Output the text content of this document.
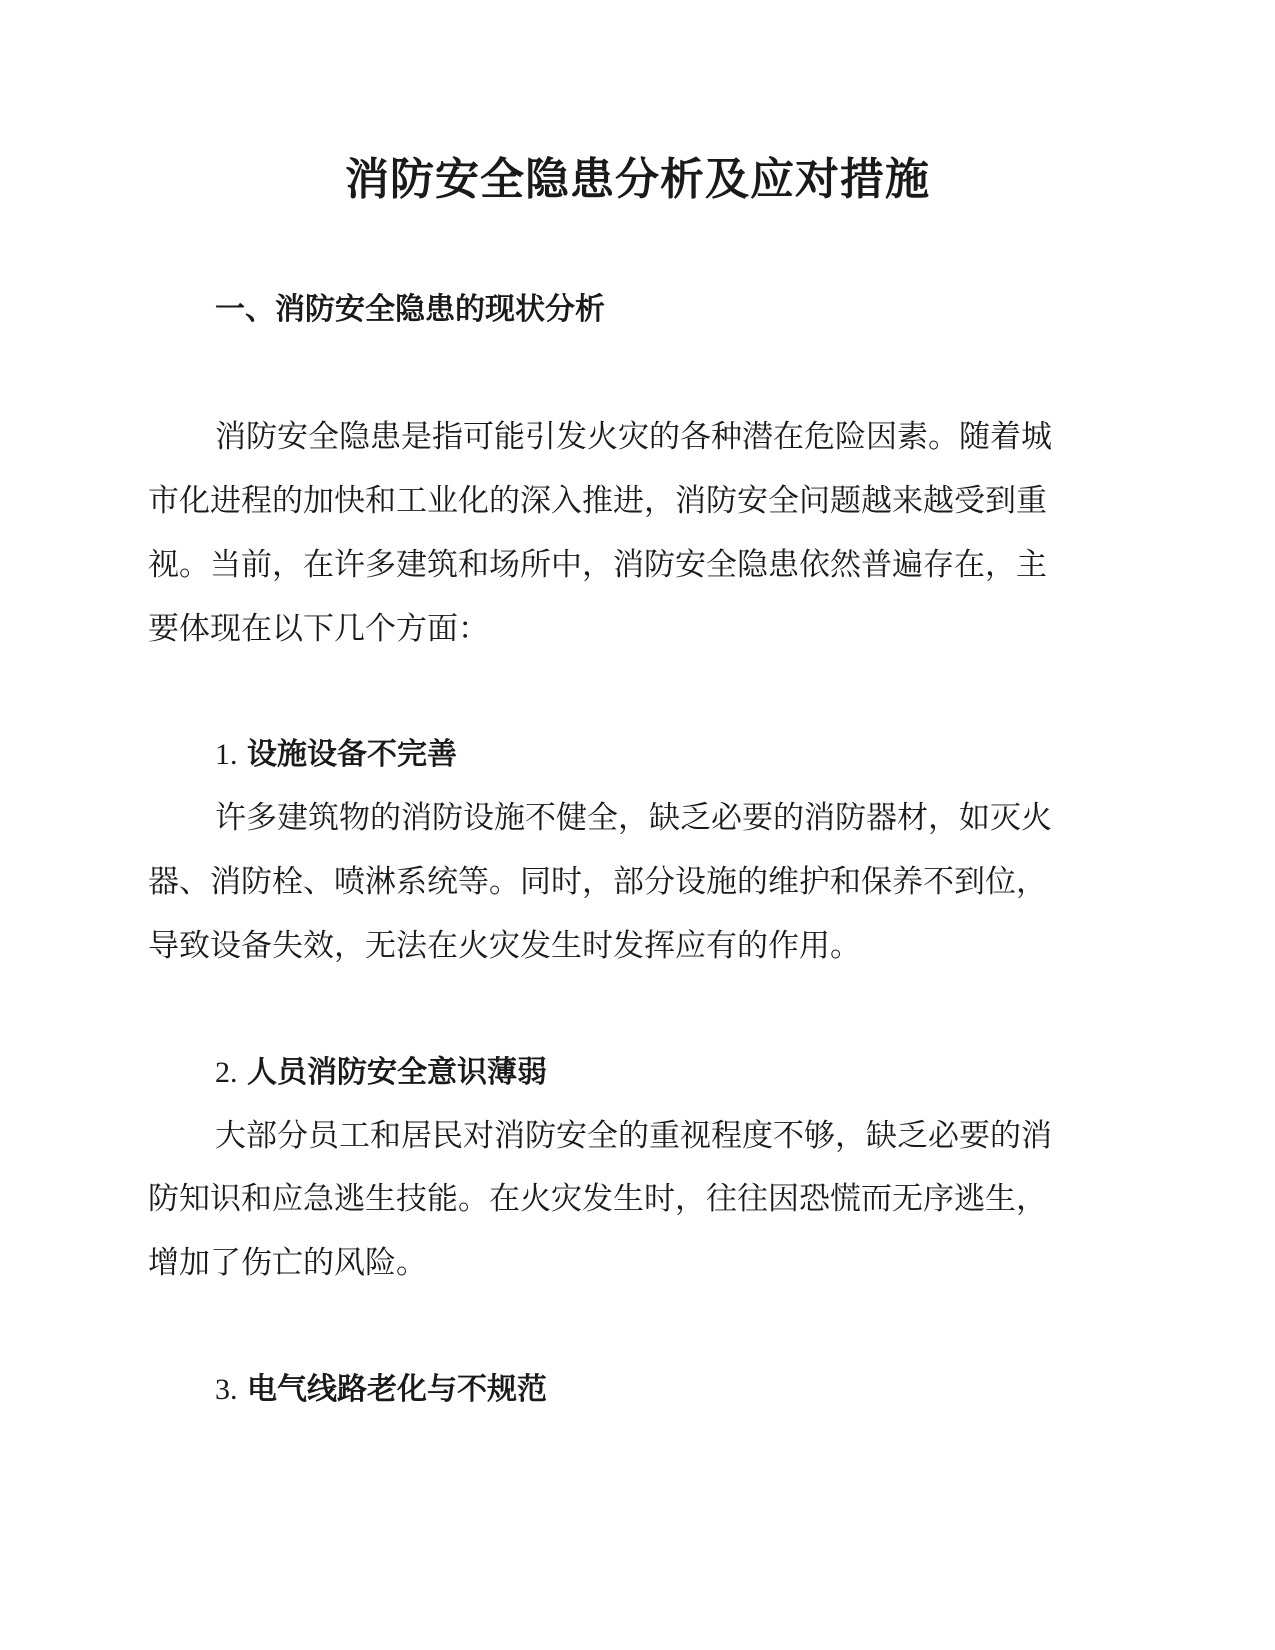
消防安全隐患分析及应对措施
一、消防安全隐患的现状分析
消防安全隐患是指可能引发火灾的各种潜在危险因素。随着城
市化进程的加快和工业化的深入推进，消防安全问题越来越受到重
视。当前，在许多建筑和场所中，消防安全隐患依然普遍存在，主
要体现在以下几个方面：
1. 设施设备不完善
许多建筑物的消防设施不健全，缺乏必要的消防器材，如灭火
器、消防栓、喷淋系统等。同时，部分设施的维护和保养不到位，
导致设备失效，无法在火灾发生时发挥应有的作用。
2. 人员消防安全意识薄弱
大部分员工和居民对消防安全的重视程度不够，缺乏必要的消
防知识和应急逃生技能。在火灾发生时，往往因恐慌而无序逃生，
增加了伤亡的风险。
3. 电气线路老化与不规范
